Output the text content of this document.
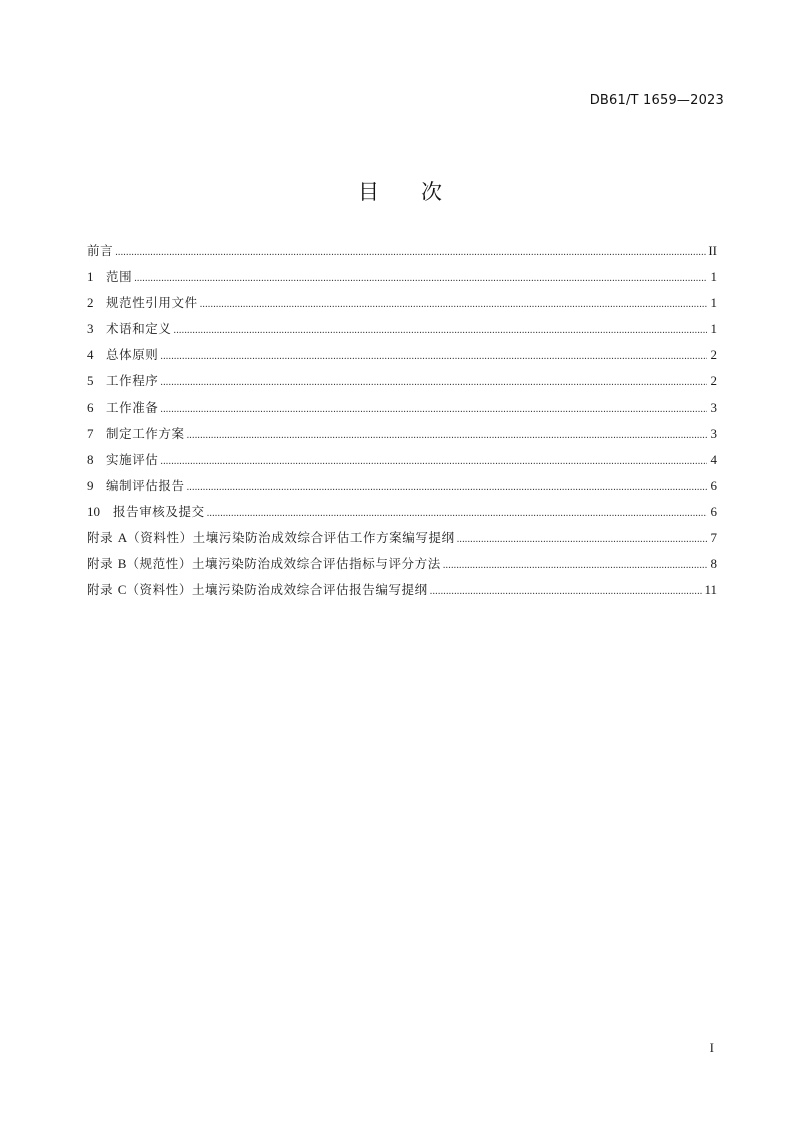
DB61/T 1659—2023
目 次
前言 .....	II
1	范围 .....	1
2	规范性引用文件 .....	1
3	术语和定义 .....	1
4	总体原则 .....	2
5	工作程序 .....	2
6	工作准备 .....	3
7	制定工作方案 .....	3
8	实施评估 .....	4
9	编制评估报告 .....	6
10	报告审核及提交 .....	6
附录 A（资料性）土壤污染防治成效综合评估工作方案编写提纲 .....	7
附录 B（规范性）土壤污染防治成效综合评估指标与评分方法 .....	8
附录 C（资料性）土壤污染防治成效综合评估报告编写提纲 .....	11
I
